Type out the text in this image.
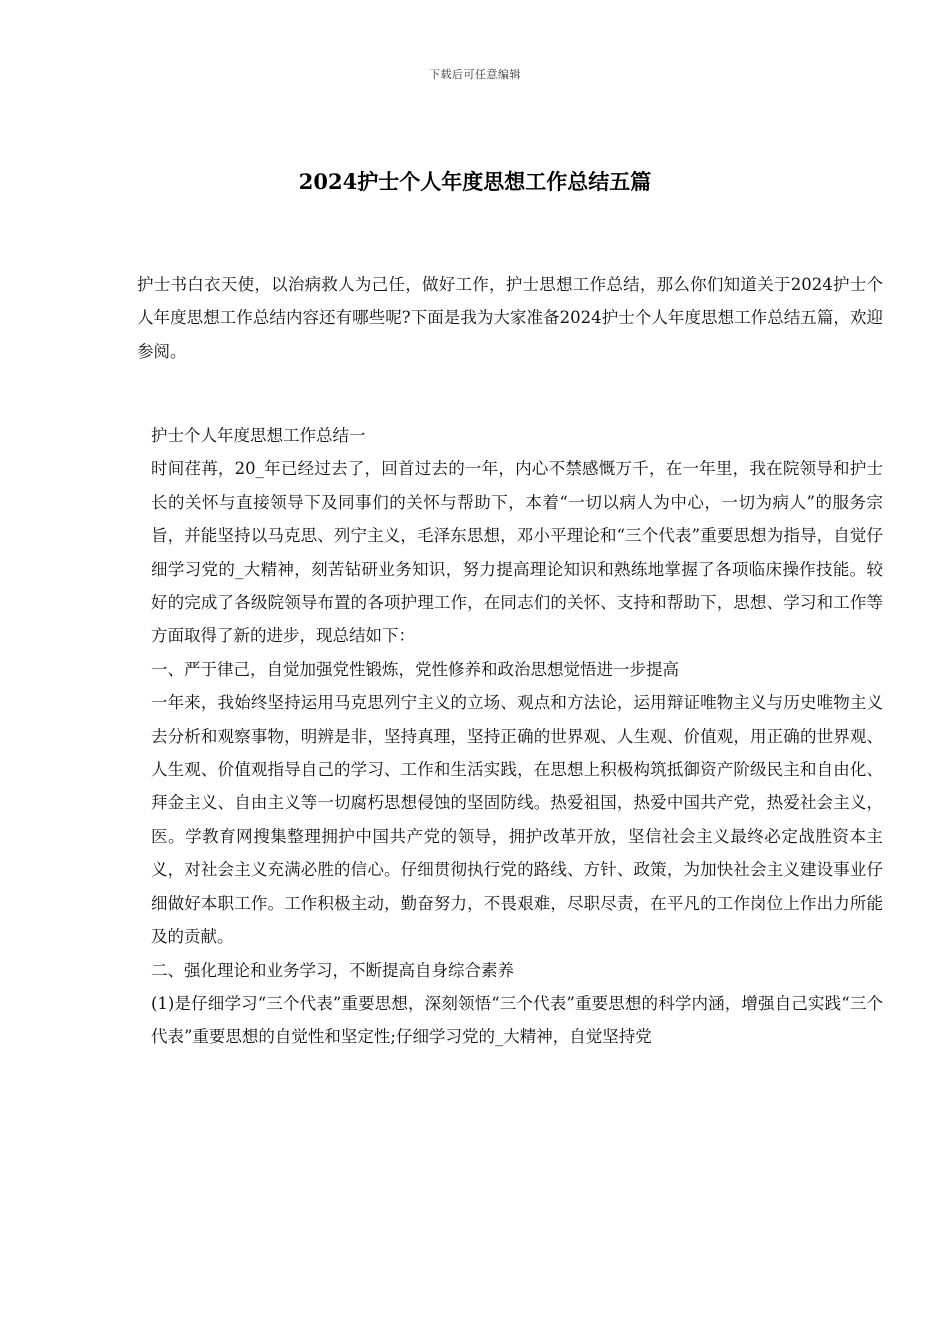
下载后可任意编辑
2024护士个人年度思想工作总结五篇

护士书白衣天使，以治病救人为己任，做好工作，护士思想工作总结，那么你们知道关于2024护士个人年度思想工作总结内容还有哪些呢?下面是我为大家准备2024护士个人年度思想工作总结五篇，欢迎参阅。

护士个人年度思想工作总结一

时间荏苒，20_年已经过去了，回首过去的一年，内心不禁感慨万千，在一年里，我在院领导和护士长的关怀与直接领导下及同事们的关怀与帮助下，本着“一切以病人为中心，一切为病人”的服务宗旨，并能坚持以马克思、列宁主义，毛泽东思想，邓小平理论和“三个代表”重要思想为指导，自觉仔细学习党的_大精神，刻苦钻研业务知识，努力提高理论知识和熟练地掌握了各项临床操作技能。较好的完成了各级院领导布置的各项护理工作，在同志们的关怀、支持和帮助下，思想、学习和工作等方面取得了新的进步，现总结如下：

一、严于律己，自觉加强党性锻炼，党性修养和政治思想觉悟进一步提高

一年来，我始终坚持运用马克思列宁主义的立场、观点和方法论，运用辩证唯物主义与历史唯物主义去分析和观察事物，明辨是非，坚持真理，坚持正确的世界观、人生观、价值观，用正确的世界观、人生观、价值观指导自己的学习、工作和生活实践，在思想上积极构筑抵御资产阶级民主和自由化、拜金主义、自由主义等一切腐朽思想侵蚀的坚固防线。热爱祖国，热爱中国共产党，热爱社会主义，医。学教育网搜集整理拥护中国共产党的领导，拥护改革开放，坚信社会主义最终必定战胜资本主义，对社会主义充满必胜的信心。仔细贯彻执行党的路线、方针、政策，为加快社会主义建设事业仔细做好本职工作。工作积极主动，勤奋努力，不畏艰难，尽职尽责，在平凡的工作岗位上作出力所能及的贡献。

二、强化理论和业务学习，不断提高自身综合素养

(1)是仔细学习“三个代表”重要思想，深刻领悟“三个代表”重要思想的科学内涵，增强自己实践“三个代表”重要思想的自觉性和坚定性;仔细学习党的_大精神，自觉坚持党
